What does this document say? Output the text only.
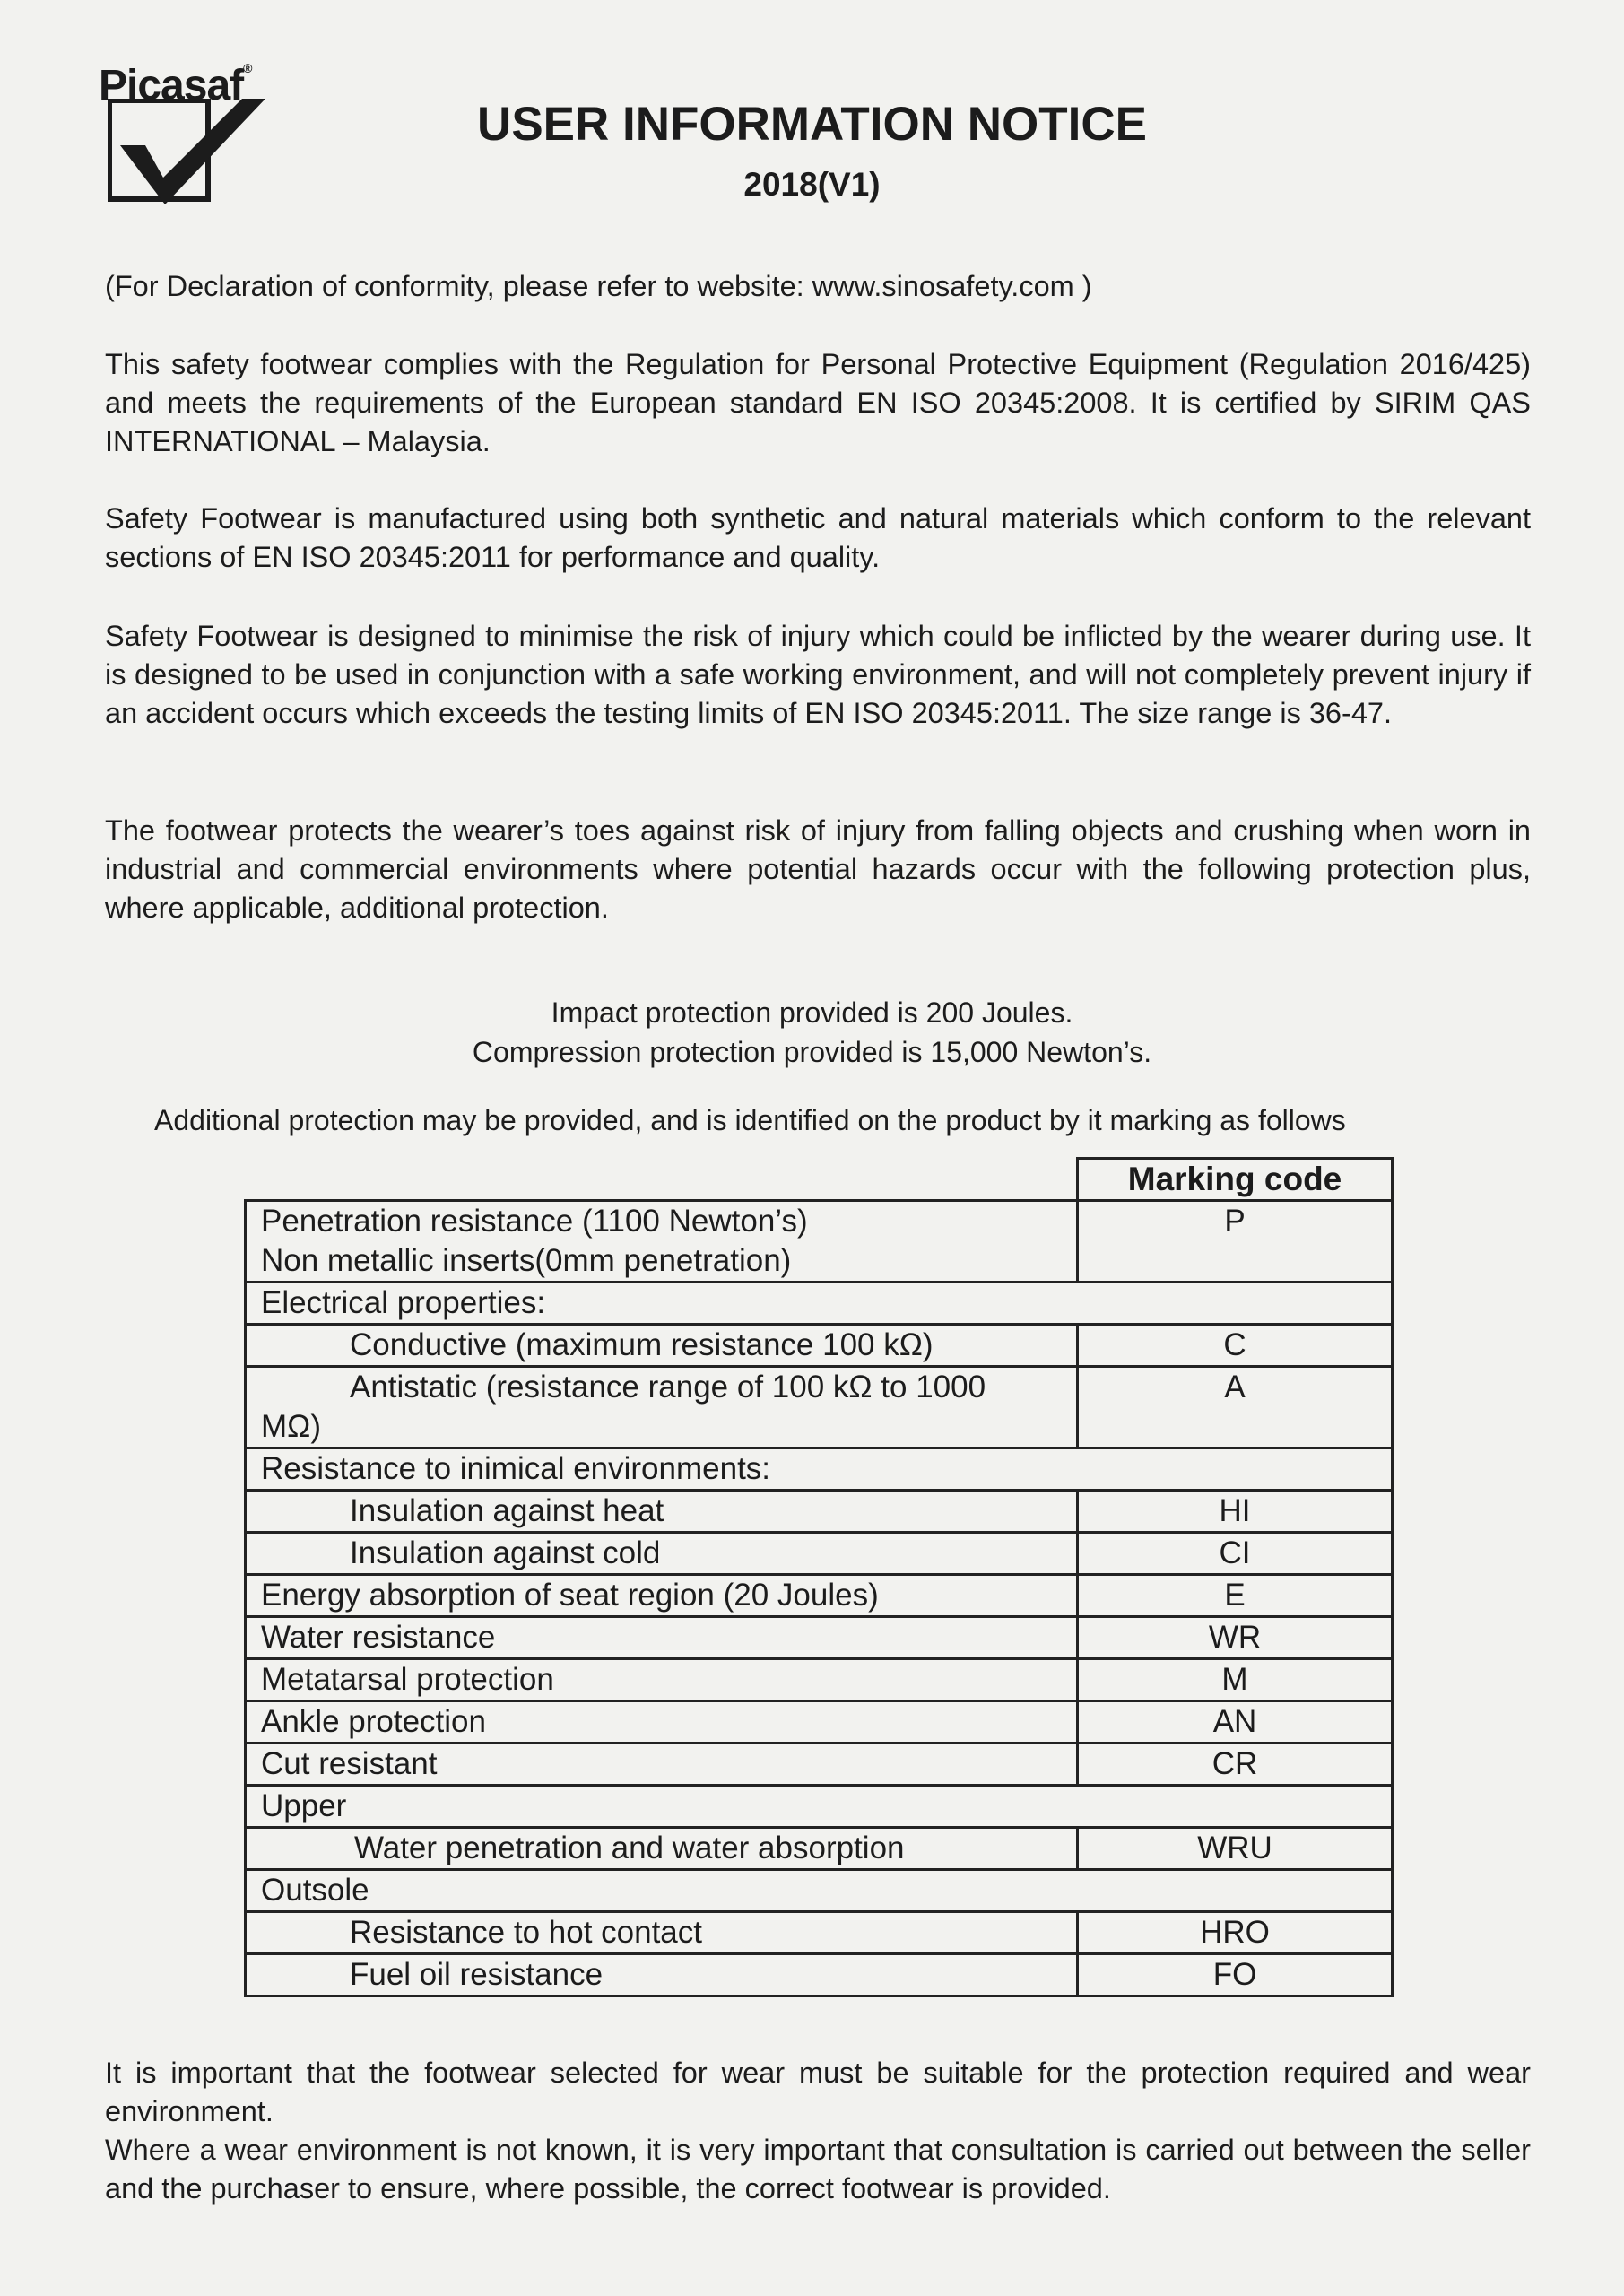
Picasaf®
USER INFORMATION NOTICE
2018(V1)
(For Declaration of conformity, please refer to website: www.sinosafety.com )
This safety footwear complies with the Regulation for Personal Protective Equipment (Regulation 2016/425) and meets the requirements of the European standard EN ISO 20345:2008. It is certified by SIRIM QAS INTERNATIONAL – Malaysia.
Safety Footwear is manufactured using both synthetic and natural materials which conform to the relevant sections of EN ISO 20345:2011 for performance and quality.
Safety Footwear is designed to minimise the risk of injury which could be inflicted by the wearer during use. It is designed to be used in conjunction with a safe working environment, and will not completely prevent injury if an accident occurs which exceeds the testing limits of EN ISO 20345:2011. The size range is 36-47.
The footwear protects the wearer’s toes against risk of injury from falling objects and crushing when worn in industrial and commercial environments where potential hazards occur with the following protection plus, where applicable, additional protection.
Impact protection provided is 200 Joules.
Compression protection provided is 15,000 Newton’s.
Additional protection may be provided, and is identified on the product by it marking as follows
	Marking code

Penetration resistance (1100 Newton’s)
Non metallic inserts(0mm penetration)	P
Electrical properties:	
Conductive (maximum resistance 100 kΩ)	C

Antistatic (resistance range of 100 kΩ to 1000
MΩ)	A
Resistance to inimical environments:	
Insulation against heat	HI
Insulation against cold	CI
Energy absorption of seat region (20 Joules)	E
Water resistance	WR
Metatarsal protection	M
Ankle protection	AN
Cut resistant	CR
Upper	
Water penetration and water absorption	WRU
Outsole	
Resistance to hot contact	HRO
Fuel oil resistance	FO
It is important that the footwear selected for wear must be suitable for the protection required and wear environment.
Where a wear environment is not known, it is very important that consultation is carried out between the seller and the purchaser to ensure, where possible, the correct footwear is provided.
